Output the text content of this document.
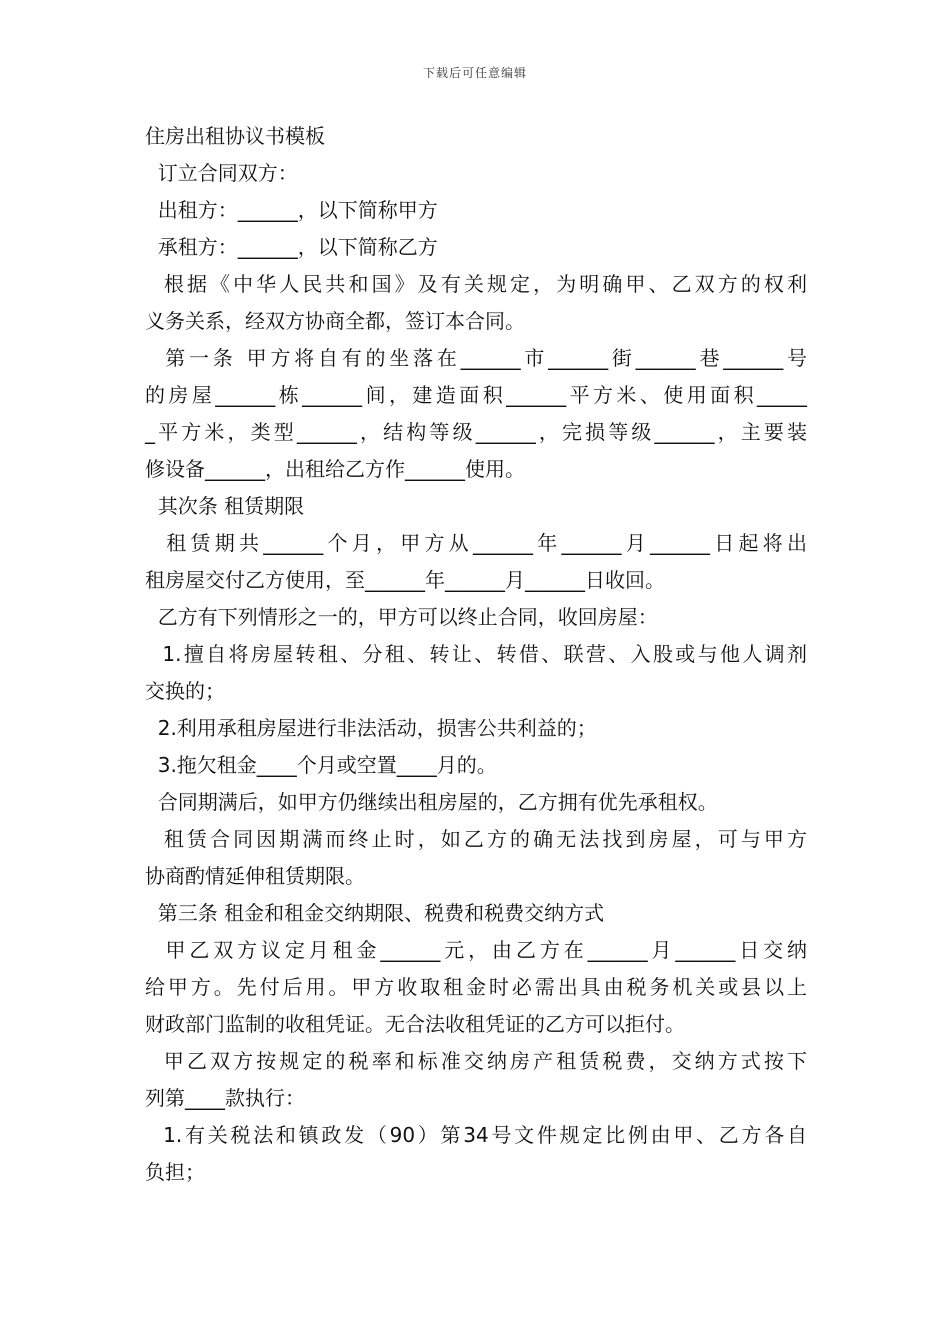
下载后可任意编辑
住房出租协议书模板
订立合同双方：
出租方：______，以下简称甲方
承租方：______，以下简称乙方
根据《中华人民共和国》及有关规定，为明确甲、乙双方的权利
义务关系，经双方协商全都，签订本合同。
第一条 甲方将自有的坐落在______市______街______巷______号
的房屋______栋______间，建造面积______平方米、使用面积_____
_平方米，类型______，结构等级______，完损等级______，主要装
修设备______，出租给乙方作______使用。
其次条 租赁期限
租赁期共______个月，甲方从______年______月______日起将出
租房屋交付乙方使用，至______年______月______日收回。
乙方有下列情形之一的，甲方可以终止合同，收回房屋：
1.擅自将房屋转租、分租、转让、转借、联营、入股或与他人调剂
交换的；
2.利用承租房屋进行非法活动，损害公共利益的；
3.拖欠租金____个月或空置____月的。
合同期满后，如甲方仍继续出租房屋的，乙方拥有优先承租权。
租赁合同因期满而终止时，如乙方的确无法找到房屋，可与甲方
协商酌情延伸租赁期限。
第三条 租金和租金交纳期限、税费和税费交纳方式
甲乙双方议定月租金______元，由乙方在______月______日交纳
给甲方。先付后用。甲方收取租金时必需出具由税务机关或县以上
财政部门监制的收租凭证。无合法收租凭证的乙方可以拒付。
甲乙双方按规定的税率和标准交纳房产租赁税费，交纳方式按下
列第____款执行：
1.有关税法和镇政发（90）第34号文件规定比例由甲、乙方各自
负担；
